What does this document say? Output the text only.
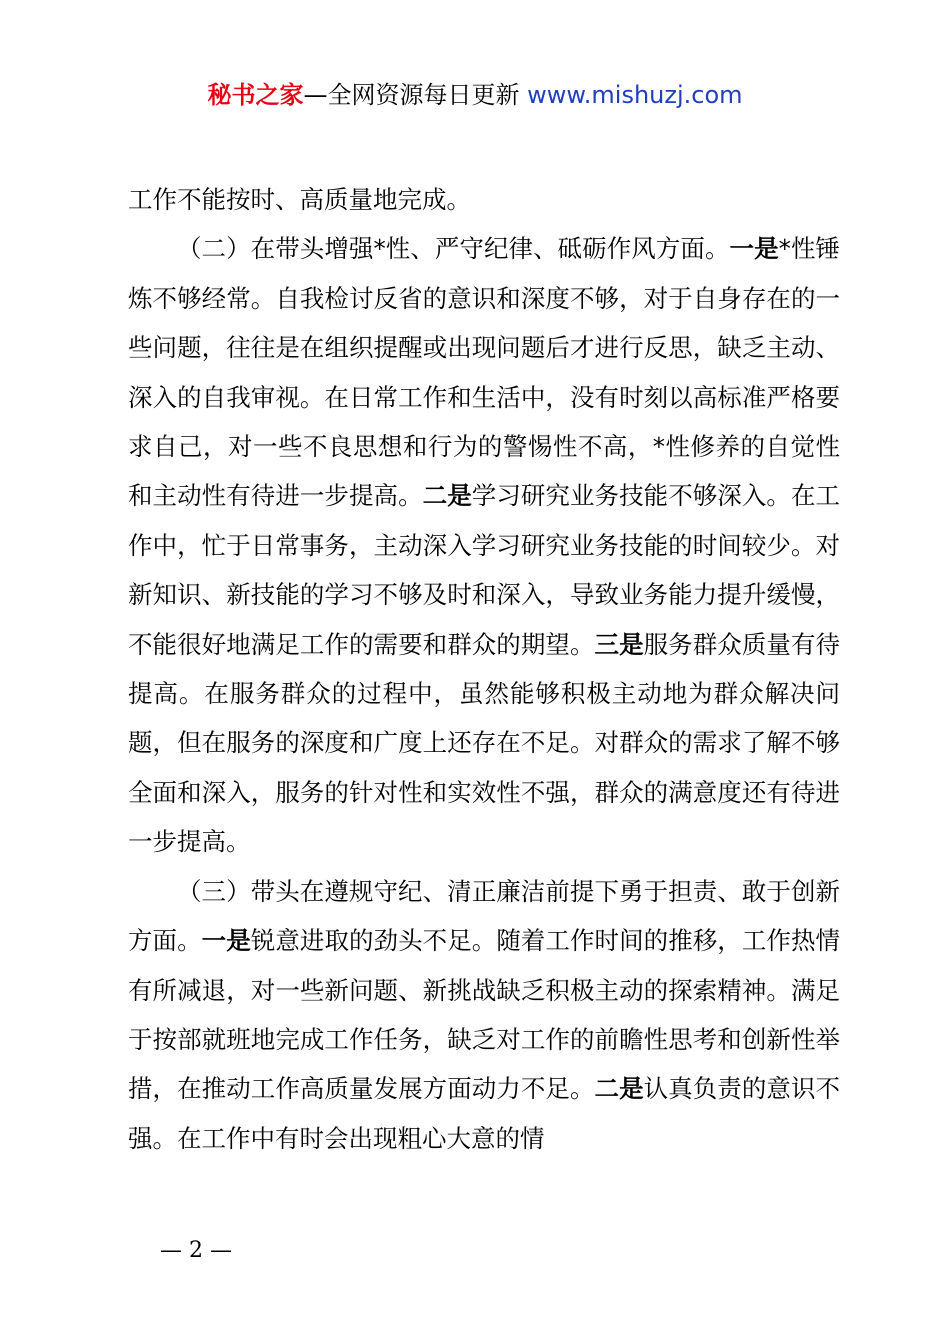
秘书之家—全网资源每日更新 www.mishuzj.com

工作不能按时、高质量地完成。

（二）在带头增强*性、严守纪律、砥砺作风方面。一是*性锤炼不够经常。自我检讨反省的意识和深度不够，对于自身存在的一些问题，往往是在组织提醒或出现问题后才进行反思，缺乏主动、深入的自我审视。在日常工作和生活中，没有时刻以高标准严格要求自己，对一些不良思想和行为的警惕性不高，*性修养的自觉性和主动性有待进一步提高。二是学习研究业务技能不够深入。在工作中，忙于日常事务，主动深入学习研究业务技能的时间较少。对新知识、新技能的学习不够及时和深入，导致业务能力提升缓慢，不能很好地满足工作的需要和群众的期望。三是服务群众质量有待提高。在服务群众的过程中，虽然能够积极主动地为群众解决问题，但在服务的深度和广度上还存在不足。对群众的需求了解不够全面和深入，服务的针对性和实效性不强，群众的满意度还有待进一步提高。

（三）带头在遵规守纪、清正廉洁前提下勇于担责、敢于创新方面。一是锐意进取的劲头不足。随着工作时间的推移，工作热情有所减退，对一些新问题、新挑战缺乏积极主动的探索精神。满足于按部就班地完成工作任务，缺乏对工作的前瞻性思考和创新性举措，在推动工作高质量发展方面动力不足。二是认真负责的意识不强。在工作中有时会出现粗心大意的情

— 2 —
